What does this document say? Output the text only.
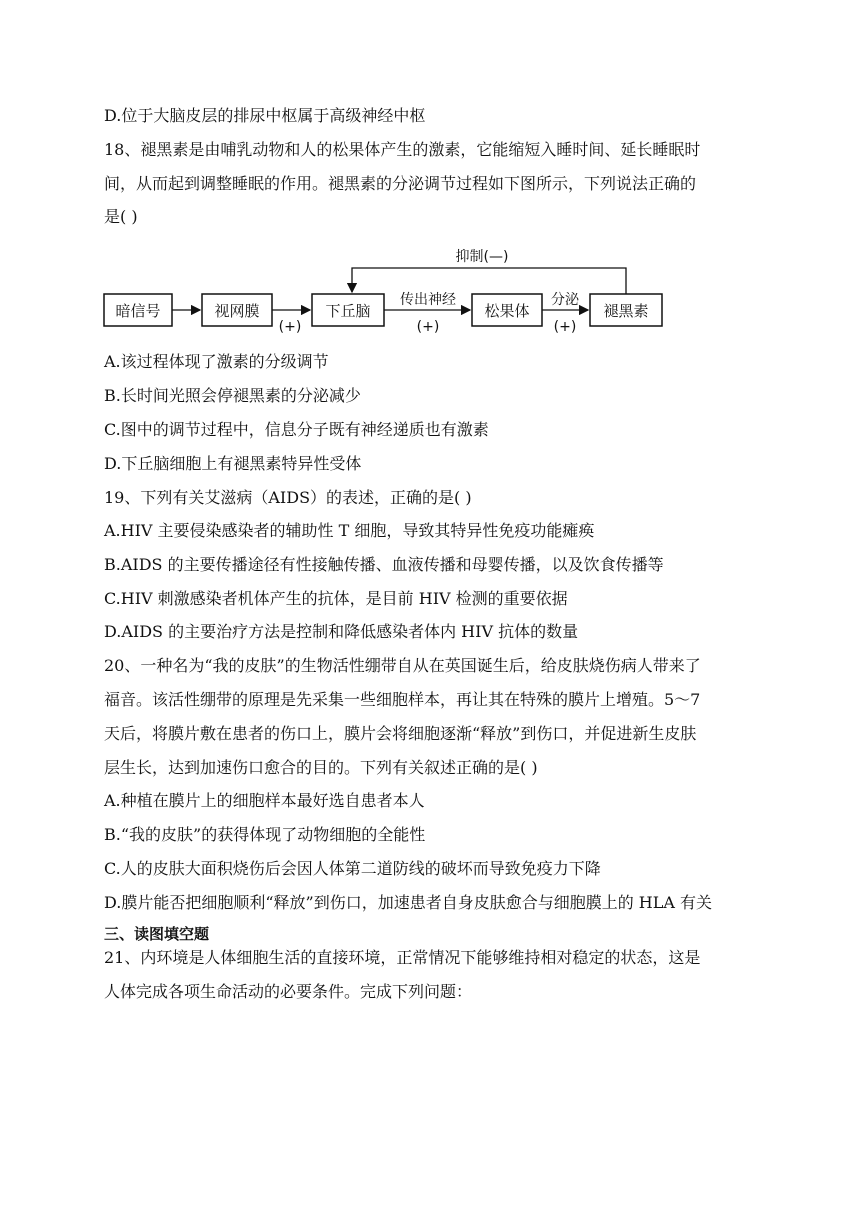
D.位于大脑皮层的排尿中枢属于高级神经中枢
18、褪黑素是由哺乳动物和人的松果体产生的激素，它能缩短入睡时间、延长睡眠时
间，从而起到调整睡眠的作用。褪黑素的分泌调节过程如下图所示，下列说法正确的
是( )
暗信号	视网膜	下丘脑	松果体	褪黑素
抑制(—)
(+)
传出神经
(+)
分泌
(+)
A.该过程体现了激素的分级调节
B.长时间光照会停褪黑素的分泌减少
C.图中的调节过程中，信息分子既有神经递质也有激素
D.下丘脑细胞上有褪黑素特异性受体
19、下列有关艾滋病（AIDS）的表述，正确的是( )
A.HIV 主要侵染感染者的辅助性 T 细胞，导致其特异性免疫功能瘫痪
B.AIDS 的主要传播途径有性接触传播、血液传播和母婴传播，以及饮食传播等
C.HIV 刺激感染者机体产生的抗体，是目前 HIV 检测的重要依据
D.AIDS 的主要治疗方法是控制和降低感染者体内 HIV 抗体的数量
20、一种名为“我的皮肤”的生物活性绷带自从在英国诞生后，给皮肤烧伤病人带来了
福音。该活性绷带的原理是先采集一些细胞样本，再让其在特殊的膜片上增殖。5～7
天后，将膜片敷在患者的伤口上，膜片会将细胞逐渐“释放”到伤口，并促进新生皮肤
层生长，达到加速伤口愈合的目的。下列有关叙述正确的是( )
A.种植在膜片上的细胞样本最好选自患者本人
B.“我的皮肤”的获得体现了动物细胞的全能性
C.人的皮肤大面积烧伤后会因人体第二道防线的破坏而导致免疫力下降
D.膜片能否把细胞顺利“释放”到伤口，加速患者自身皮肤愈合与细胞膜上的 HLA 有关
三、读图填空题
21、内环境是人体细胞生活的直接环境，正常情况下能够维持相对稳定的状态，这是
人体完成各项生命活动的必要条件。完成下列问题：
